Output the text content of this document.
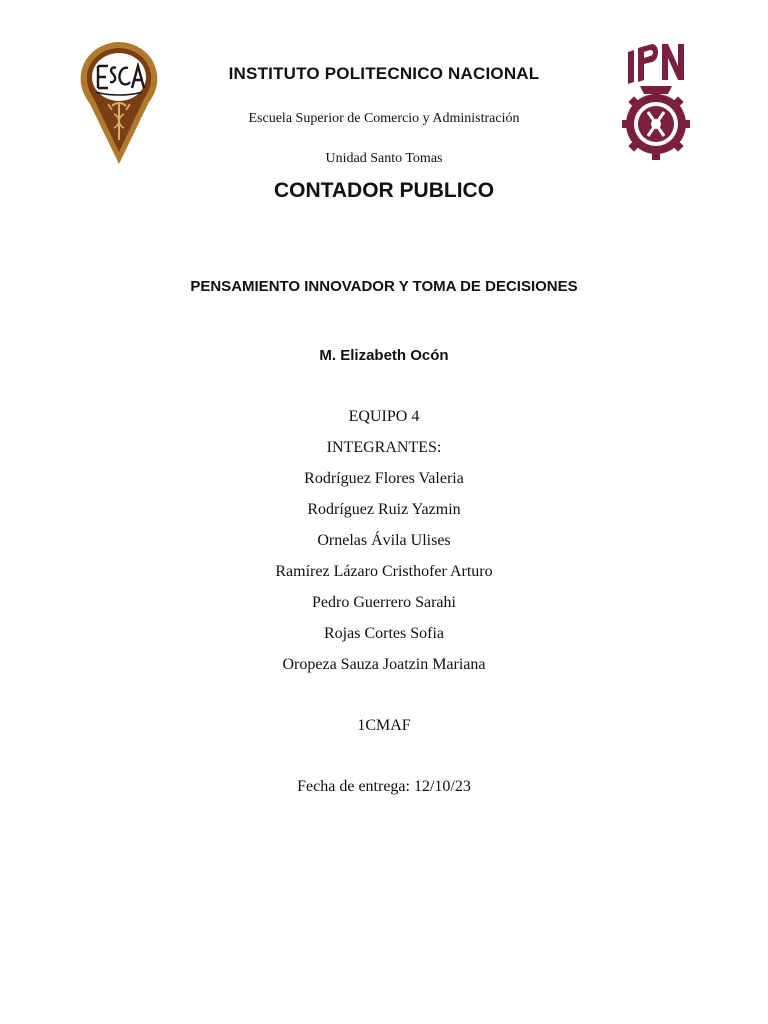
INSTITUTO POLITECNICO NACIONAL
Escuela Superior de Comercio y Administración
Unidad Santo Tomas
CONTADOR PUBLICO
PENSAMIENTO INNOVADOR Y TOMA DE DECISIONES
M. Elizabeth Ocón
EQUIPO 4
INTEGRANTES:
Rodríguez Flores Valeria
Rodríguez Ruiz Yazmin
Ornelas Ávila Ulises
Ramírez Lázaro Cristhofer Arturo
Pedro Guerrero Sarahi
Rojas Cortes Sofia
Oropeza Sauza Joatzin Mariana
1CMAF
Fecha de entrega: 12/10/23
